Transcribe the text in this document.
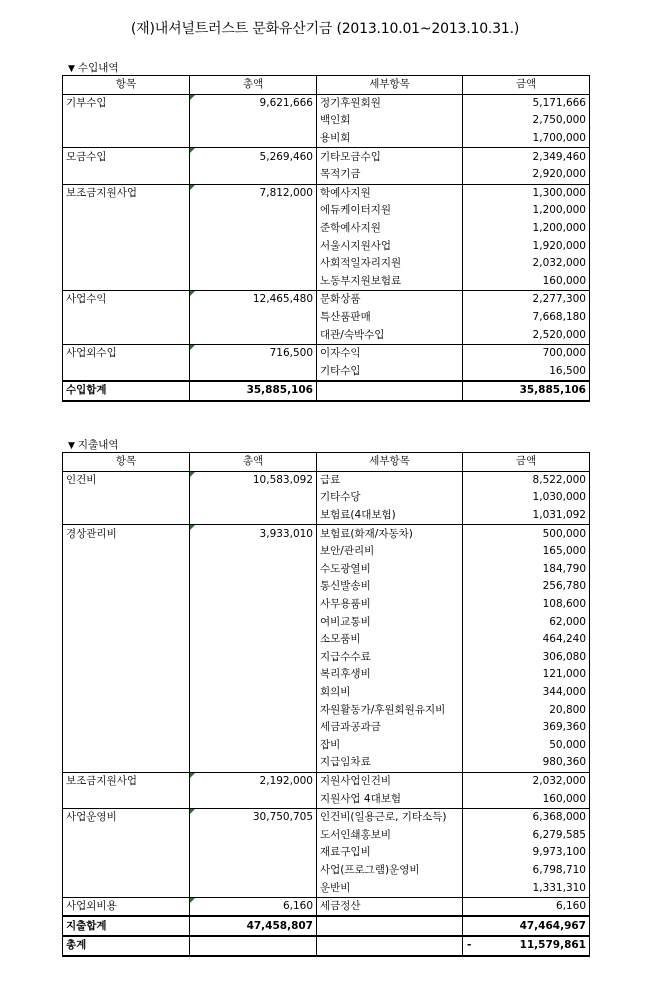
(재)내셔널트러스트 문화유산기금 (2013.10.01~2013.10.31.)
▼ 수입내역
항목	총액	세부항목	금액
기부수입	9,621,666	정기후원회원	5,171,666
		백인회	2,750,000
		용비회	1,700,000
모금수입	5,269,460	기타모금수입	2,349,460
		목적기금	2,920,000
보조금지원사업	7,812,000	학예사지원	1,300,000
		에듀케이터지원	1,200,000
		준학예사지원	1,200,000
		서울시지원사업	1,920,000
		사회적일자리지원	2,032,000
		노동부지원보험료	160,000
사업수익	12,465,480	문화상품	2,277,300
		특산품판매	7,668,180
		대관/숙박수입	2,520,000
사업외수입	716,500	이자수익	700,000
		기타수입	16,500
수입합계	35,885,106		35,885,106
▼ 지출내역
항목	총액	세부항목	금액
인건비	10,583,092	급료	8,522,000
		기타수당	1,030,000
		보험료(4대보험)	1,031,092
경상관리비	3,933,010	보험료(화재/자동차)	500,000
		보안/관리비	165,000
		수도광열비	184,790
		통신발송비	256,780
		사무용품비	108,600
		여비교통비	62,000
		소모품비	464,240
		지급수수료	306,080
		복리후생비	121,000
		회의비	344,000
		자원활동가/후원회원유지비	20,800
		세금과공과금	369,360
		잡비	50,000
		지급임차료	980,360
보조금지원사업	2,192,000	지원사업인건비	2,032,000
		지원사업 4대보험	160,000
사업운영비	30,750,705	인건비(일용근로, 기타소득)	6,368,000
		도서인쇄홍보비	6,279,585
		재료구입비	9,973,100
		사업(프로그램)운영비	6,798,710
		운반비	1,331,310
사업외비용	6,160	세금정산	6,160
지출합계	47,458,807		47,464,967
총계			- 11,579,861
